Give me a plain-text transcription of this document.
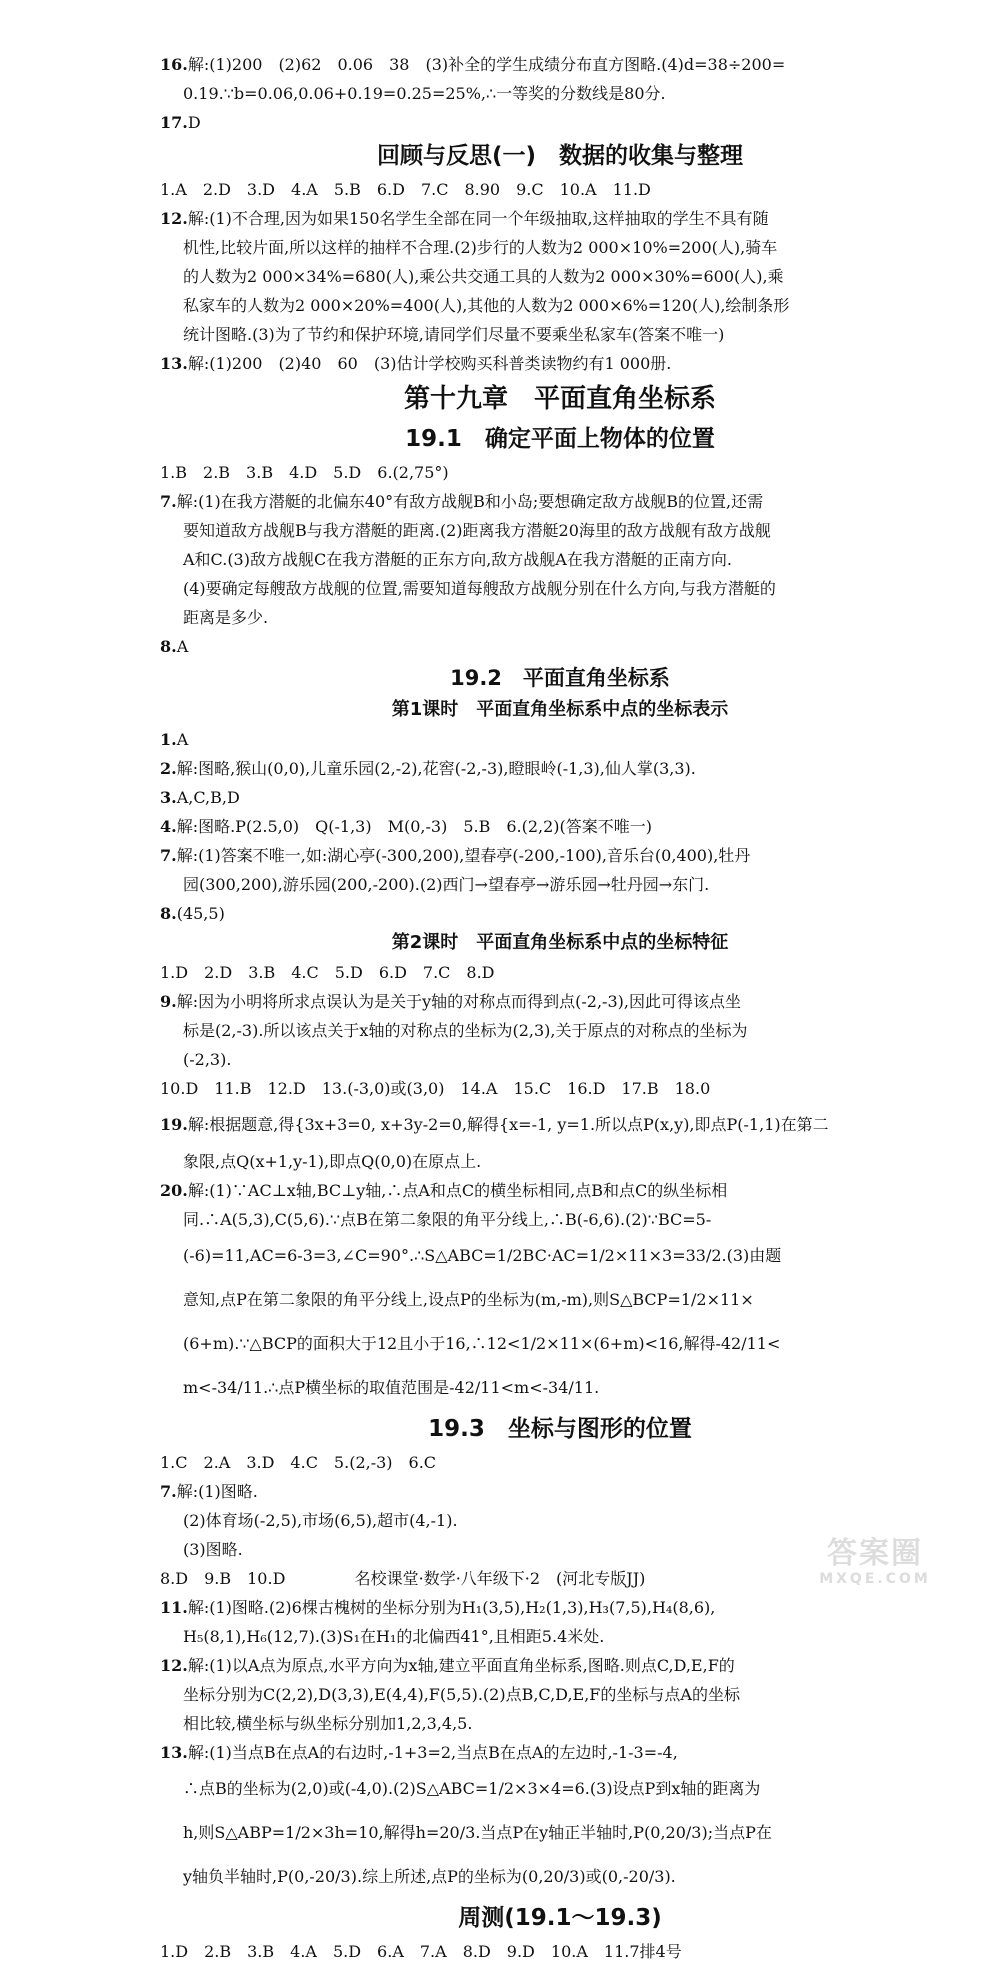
16.解:(1)200　(2)62　0.06　38　(3)补全的学生成绩分布直方图略.(4)d=38÷200=
0.19.∵b=0.06,0.06+0.19=0.25=25%,∴一等奖的分数线是80分.
17.D
回顾与反思(一)　数据的收集与整理
1.A　2.D　3.D　4.A　5.B　6.D　7.C　8.90　9.C　10.A　11.D
12.解:(1)不合理,因为如果150名学生全部在同一个年级抽取,这样抽取的学生不具有随
机性,比较片面,所以这样的抽样不合理.(2)步行的人数为2 000×10%=200(人),骑车
的人数为2 000×34%=680(人),乘公共交通工具的人数为2 000×30%=600(人),乘
私家车的人数为2 000×20%=400(人),其他的人数为2 000×6%=120(人),绘制条形
统计图略.(3)为了节约和保护环境,请同学们尽量不要乘坐私家车(答案不唯一)
13.解:(1)200　(2)40　60　(3)估计学校购买科普类读物约有1 000册.
第十九章　平面直角坐标系
19.1　确定平面上物体的位置
1.B　2.B　3.B　4.D　5.D　6.(2,75°)
7.解:(1)在我方潜艇的北偏东40°有敌方战舰B和小岛;要想确定敌方战舰B的位置,还需
要知道敌方战舰B与我方潜艇的距离.(2)距离我方潜艇20海里的敌方战舰有敌方战舰
A和C.(3)敌方战舰C在我方潜艇的正东方向,敌方战舰A在我方潜艇的正南方向.
(4)要确定每艘敌方战舰的位置,需要知道每艘敌方战舰分别在什么方向,与我方潜艇的
距离是多少.
8.A
19.2　平面直角坐标系
第1课时　平面直角坐标系中点的坐标表示
1.A
2.解:图略,猴山(0,0),儿童乐园(2,-2),花窖(-2,-3),瞪眼岭(-1,3),仙人掌(3,3).
3.A,C,B,D
4.解:图略.P(2.5,0)　Q(-1,3)　M(0,-3)　5.B　6.(2,2)(答案不唯一)
7.解:(1)答案不唯一,如:湖心亭(-300,200),望春亭(-200,-100),音乐台(0,400),牡丹
园(300,200),游乐园(200,-200).(2)西门→望春亭→游乐园→牡丹园→东门.
8.(45,5)
第2课时　平面直角坐标系中点的坐标特征
1.D　2.D　3.B　4.C　5.D　6.D　7.C　8.D
9.解:因为小明将所求点误认为是关于y轴的对称点而得到点(-2,-3),因此可得该点坐
标是(2,-3).所以该点关于x轴的对称点的坐标为(2,3),关于原点的对称点的坐标为
(-2,3).
10.D　11.B　12.D　13.(-3,0)或(3,0)　14.A　15.C　16.D　17.B　18.0
19.解:根据题意,得{3x+3=0, x+3y-2=0,解得{x=-1, y=1.所以点P(x,y),即点P(-1,1)在第二
象限,点Q(x+1,y-1),即点Q(0,0)在原点上.
20.解:(1)∵AC⊥x轴,BC⊥y轴,∴点A和点C的横坐标相同,点B和点C的纵坐标相
同.∴A(5,3),C(5,6).∵点B在第二象限的角平分线上,∴B(-6,6).(2)∵BC=5-
(-6)=11,AC=6-3=3,∠C=90°.∴S△ABC=1/2BC·AC=1/2×11×3=33/2.(3)由题
意知,点P在第二象限的角平分线上,设点P的坐标为(m,-m),则S△BCP=1/2×11×
(6+m).∵△BCP的面积大于12且小于16,∴12<1/2×11×(6+m)<16,解得-42/11<
m<-34/11.∴点P横坐标的取值范围是-42/11<m<-34/11.
19.3　坐标与图形的位置
1.C　2.A　3.D　4.C　5.(2,-3)　6.C
7.解:(1)图略.
(2)体育场(-2,5),市场(6,5),超市(4,-1).
(3)图略.
8.D　9.B　10.D
11.解:(1)图略.(2)6棵古槐树的坐标分别为H₁(3,5),H₂(1,3),H₃(7,5),H₄(8,6),
H₅(8,1),H₆(12,7).(3)S₁在H₁的北偏西41°,且相距5.4米处.
12.解:(1)以A点为原点,水平方向为x轴,建立平面直角坐标系,图略.则点C,D,E,F的
坐标分别为C(2,2),D(3,3),E(4,4),F(5,5).(2)点B,C,D,E,F的坐标与点A的坐标
相比较,横坐标与纵坐标分别加1,2,3,4,5.
13.解:(1)当点B在点A的右边时,-1+3=2,当点B在点A的左边时,-1-3=-4,
∴点B的坐标为(2,0)或(-4,0).(2)S△ABC=1/2×3×4=6.(3)设点P到x轴的距离为
h,则S△ABP=1/2×3h=10,解得h=20/3.当点P在y轴正半轴时,P(0,20/3);当点P在
y轴负半轴时,P(0,-20/3).综上所述,点P的坐标为(0,20/3)或(0,-20/3).
周测(19.1～19.3)
1.D　2.B　3.B　4.A　5.D　6.A　7.A　8.D　9.D　10.A　11.7排4号
名校课堂·数学·八年级下·2　(河北专版JJ)
答案圈
MXQE.COM
